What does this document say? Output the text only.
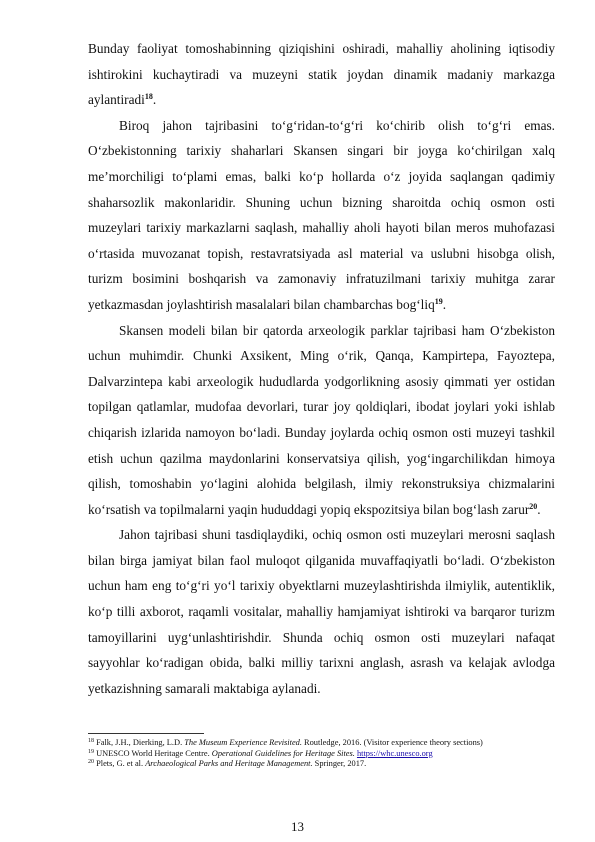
Bunday faoliyat tomoshabinning qiziqishini oshiradi, mahalliy aholining iqtisodiy ishtirokini kuchaytiradi va muzeyni statik joydan dinamik madaniy markazga aylantiradi$^{18}$.

Biroq jahon tajribasini to‘g‘ridan-to‘g‘ri ko‘chirib olish to‘g‘ri emas. O‘zbekistonning tarixiy shaharlari Skansen singari bir joyga ko‘chirilgan xalq me’morchiligi to‘plami emas, balki ko‘p hollarda o‘z joyida saqlangan qadimiy shaharsozlik makonlaridir. Shuning uchun bizning sharoitda ochiq osmon osti muzeylari tarixiy markazlarni saqlash, mahalliy aholi hayoti bilan meros muhofazasi o‘rtasida muvozanat topish, restavratsiyada asl material va uslubni hisobga olish, turizm bosimini boshqarish va zamonaviy infratuzilmani tarixiy muhitga zarar yetkazmasdan joylashtirish masalalari bilan chambarchas bog‘liq$^{19}$.

Skansen modeli bilan bir qatorda arxeologik parklar tajribasi ham O‘zbekiston uchun muhimdir. Chunki Axsikent, Ming o‘rik, Qanqa, Kampirtepa, Fayoztepa, Dalvarzintepa kabi arxeologik hududlarda yodgorlikning asosiy qimmati yer ostidan topilgan qatlamlar, mudofaa devorlari, turar joy qoldiqlari, ibodat joylari yoki ishlab chiqarish izlarida namoyon bo‘ladi. Bunday joylarda ochiq osmon osti muzeyi tashkil etish uchun qazilma maydonlarini konservatsiya qilish, yog‘ingarchilikdan himoya qilish, tomoshabin yo‘lagini alohida belgilash, ilmiy rekonstruksiya chizmalarini ko‘rsatish va topilmalarni yaqin hududdagi yopiq ekspozitsiya bilan bog‘lash zarur$^{20}$.

Jahon tajribasi shuni tasdiqlaydiki, ochiq osmon osti muzeylari merosni saqlash bilan birga jamiyat bilan faol muloqot qilganida muvaffaqiyatli bo‘ladi. O‘zbekiston uchun ham eng to‘g‘ri yo‘l tarixiy obyektlarni muzeylashtirishda ilmiylik, autentiklik, ko‘p tilli axborot, raqamli vositalar, mahalliy hamjamiyat ishtiroki va barqaror turizm tamoyillarini uyg‘unlashtirishdir. Shunda ochiq osmon osti muzeylari nafaqat sayyohlar ko‘radigan obida, balki milliy tarixni anglash, asrash va kelajak avlodga yetkazishning samarali maktabiga aylanadi.

$^{18}$ Falk, J.H., Dierking, L.D. The Museum Experience Revisited. Routledge, 2016. (Visitor experience theory sections)

$^{19}$ UNESCO World Heritage Centre. Operational Guidelines for Heritage Sites. https://whc.unesco.org

$^{20}$ Plets, G. et al. Archaeological Parks and Heritage Management. Springer, 2017.

13
